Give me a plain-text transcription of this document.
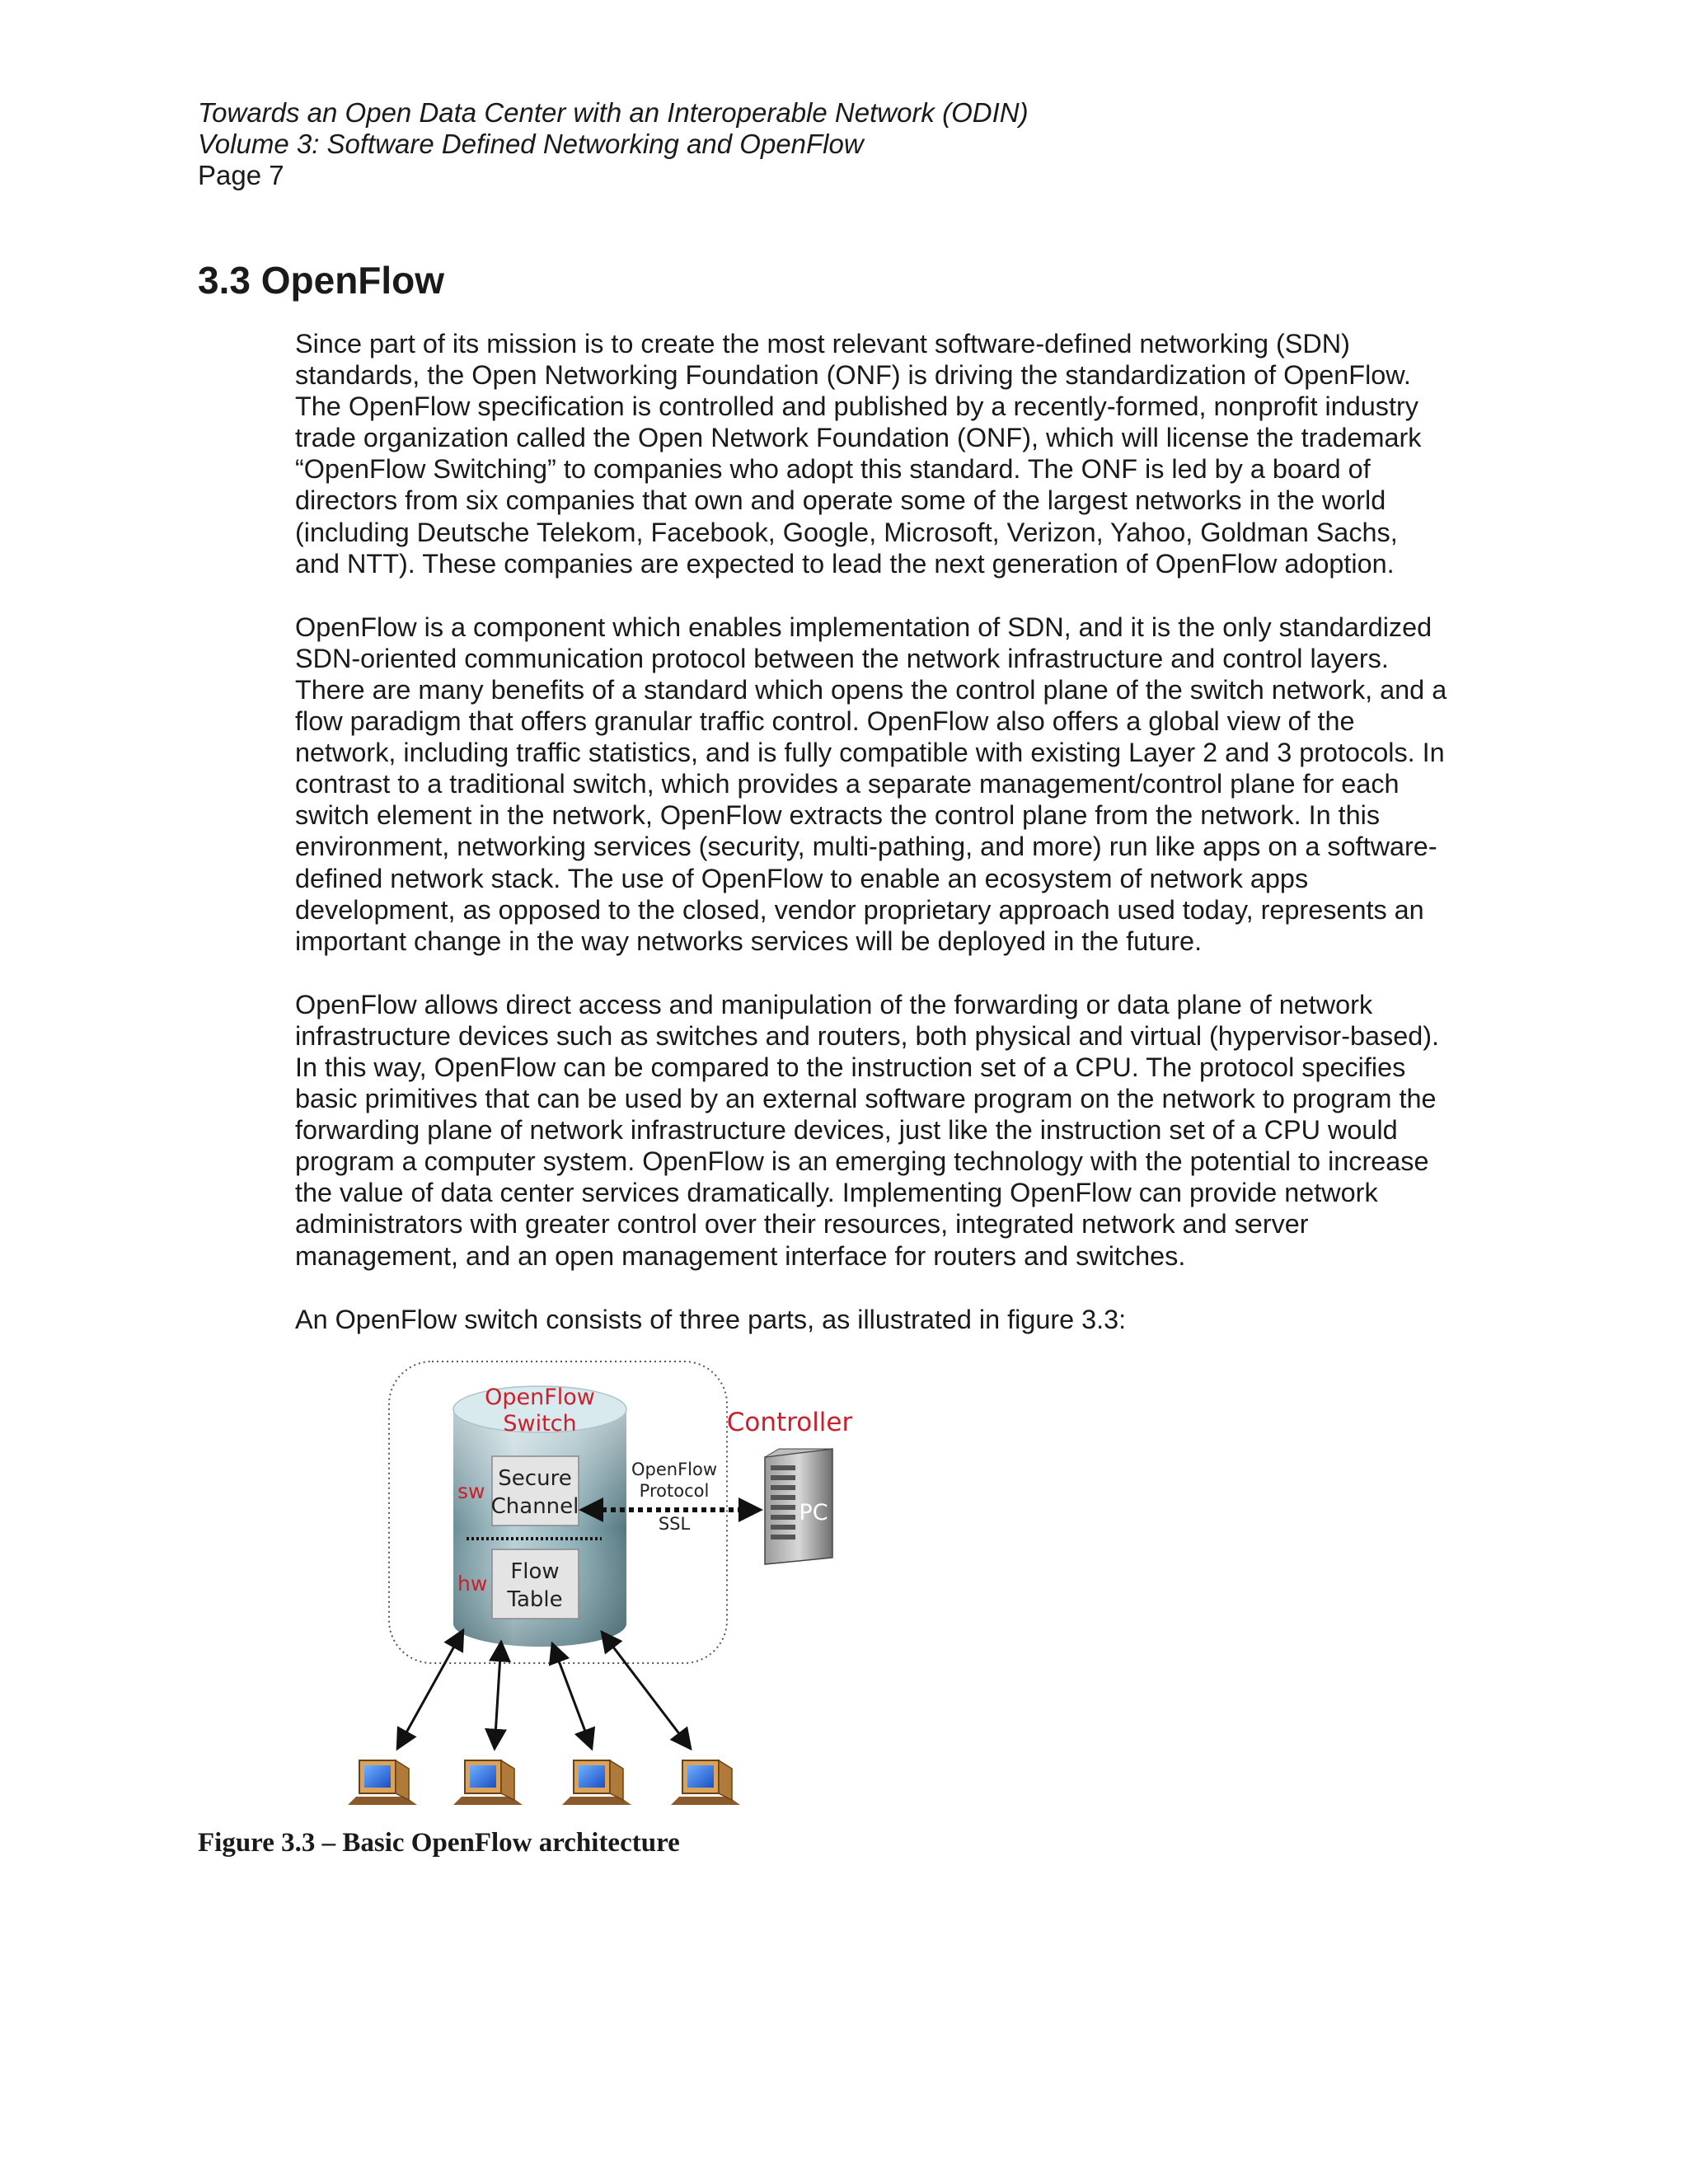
Towards an Open Data Center with an Interoperable Network (ODIN)
Volume 3: Software Defined Networking and OpenFlow
Page 7
3.3 OpenFlow

Since part of its mission is to create the most relevant software-defined networking (SDN)
standards, the Open Networking Foundation (ONF) is driving the standardization of OpenFlow.
The OpenFlow specification is controlled and published by a recently-formed, nonprofit industry
trade organization called the Open Network Foundation (ONF), which will license the trademark
“OpenFlow Switching” to companies who adopt this standard. The ONF is led by a board of
directors from six companies that own and operate some of the largest networks in the world
(including Deutsche Telekom, Facebook, Google, Microsoft, Verizon, Yahoo, Goldman Sachs,
and NTT). These companies are expected to lead the next generation of OpenFlow adoption.

OpenFlow is a component which enables implementation of SDN, and it is the only standardized
SDN-oriented communication protocol between the network infrastructure and control layers.
There are many benefits of a standard which opens the control plane of the switch network, and a
flow paradigm that offers granular traffic control. OpenFlow also offers a global view of the
network, including traffic statistics, and is fully compatible with existing Layer 2 and 3 protocols. In
contrast to a traditional switch, which provides a separate management/control plane for each
switch element in the network, OpenFlow extracts the control plane from the network. In this
environment, networking services (security, multi-pathing, and more) run like apps on a software-
defined network stack. The use of OpenFlow to enable an ecosystem of network apps
development, as opposed to the closed, vendor proprietary approach used today, represents an
important change in the way networks services will be deployed in the future.

OpenFlow allows direct access and manipulation of the forwarding or data plane of network
infrastructure devices such as switches and routers, both physical and virtual (hypervisor-based).
In this way, OpenFlow can be compared to the instruction set of a CPU. The protocol specifies
basic primitives that can be used by an external software program on the network to program the
forwarding plane of network infrastructure devices, just like the instruction set of a CPU would
program a computer system. OpenFlow is an emerging technology with the potential to increase
the value of data center services dramatically. Implementing OpenFlow can provide network
administrators with greater control over their resources, integrated network and server
management, and an open management interface for routers and switches.

An OpenFlow switch consists of three parts, as illustrated in figure 3.3:

OpenFlow
Switch
Secure
Channel
sw
Flow
Table
hw
OpenFlow
Protocol
SSL
Controller
PC

Figure 3.3 – Basic OpenFlow architecture
